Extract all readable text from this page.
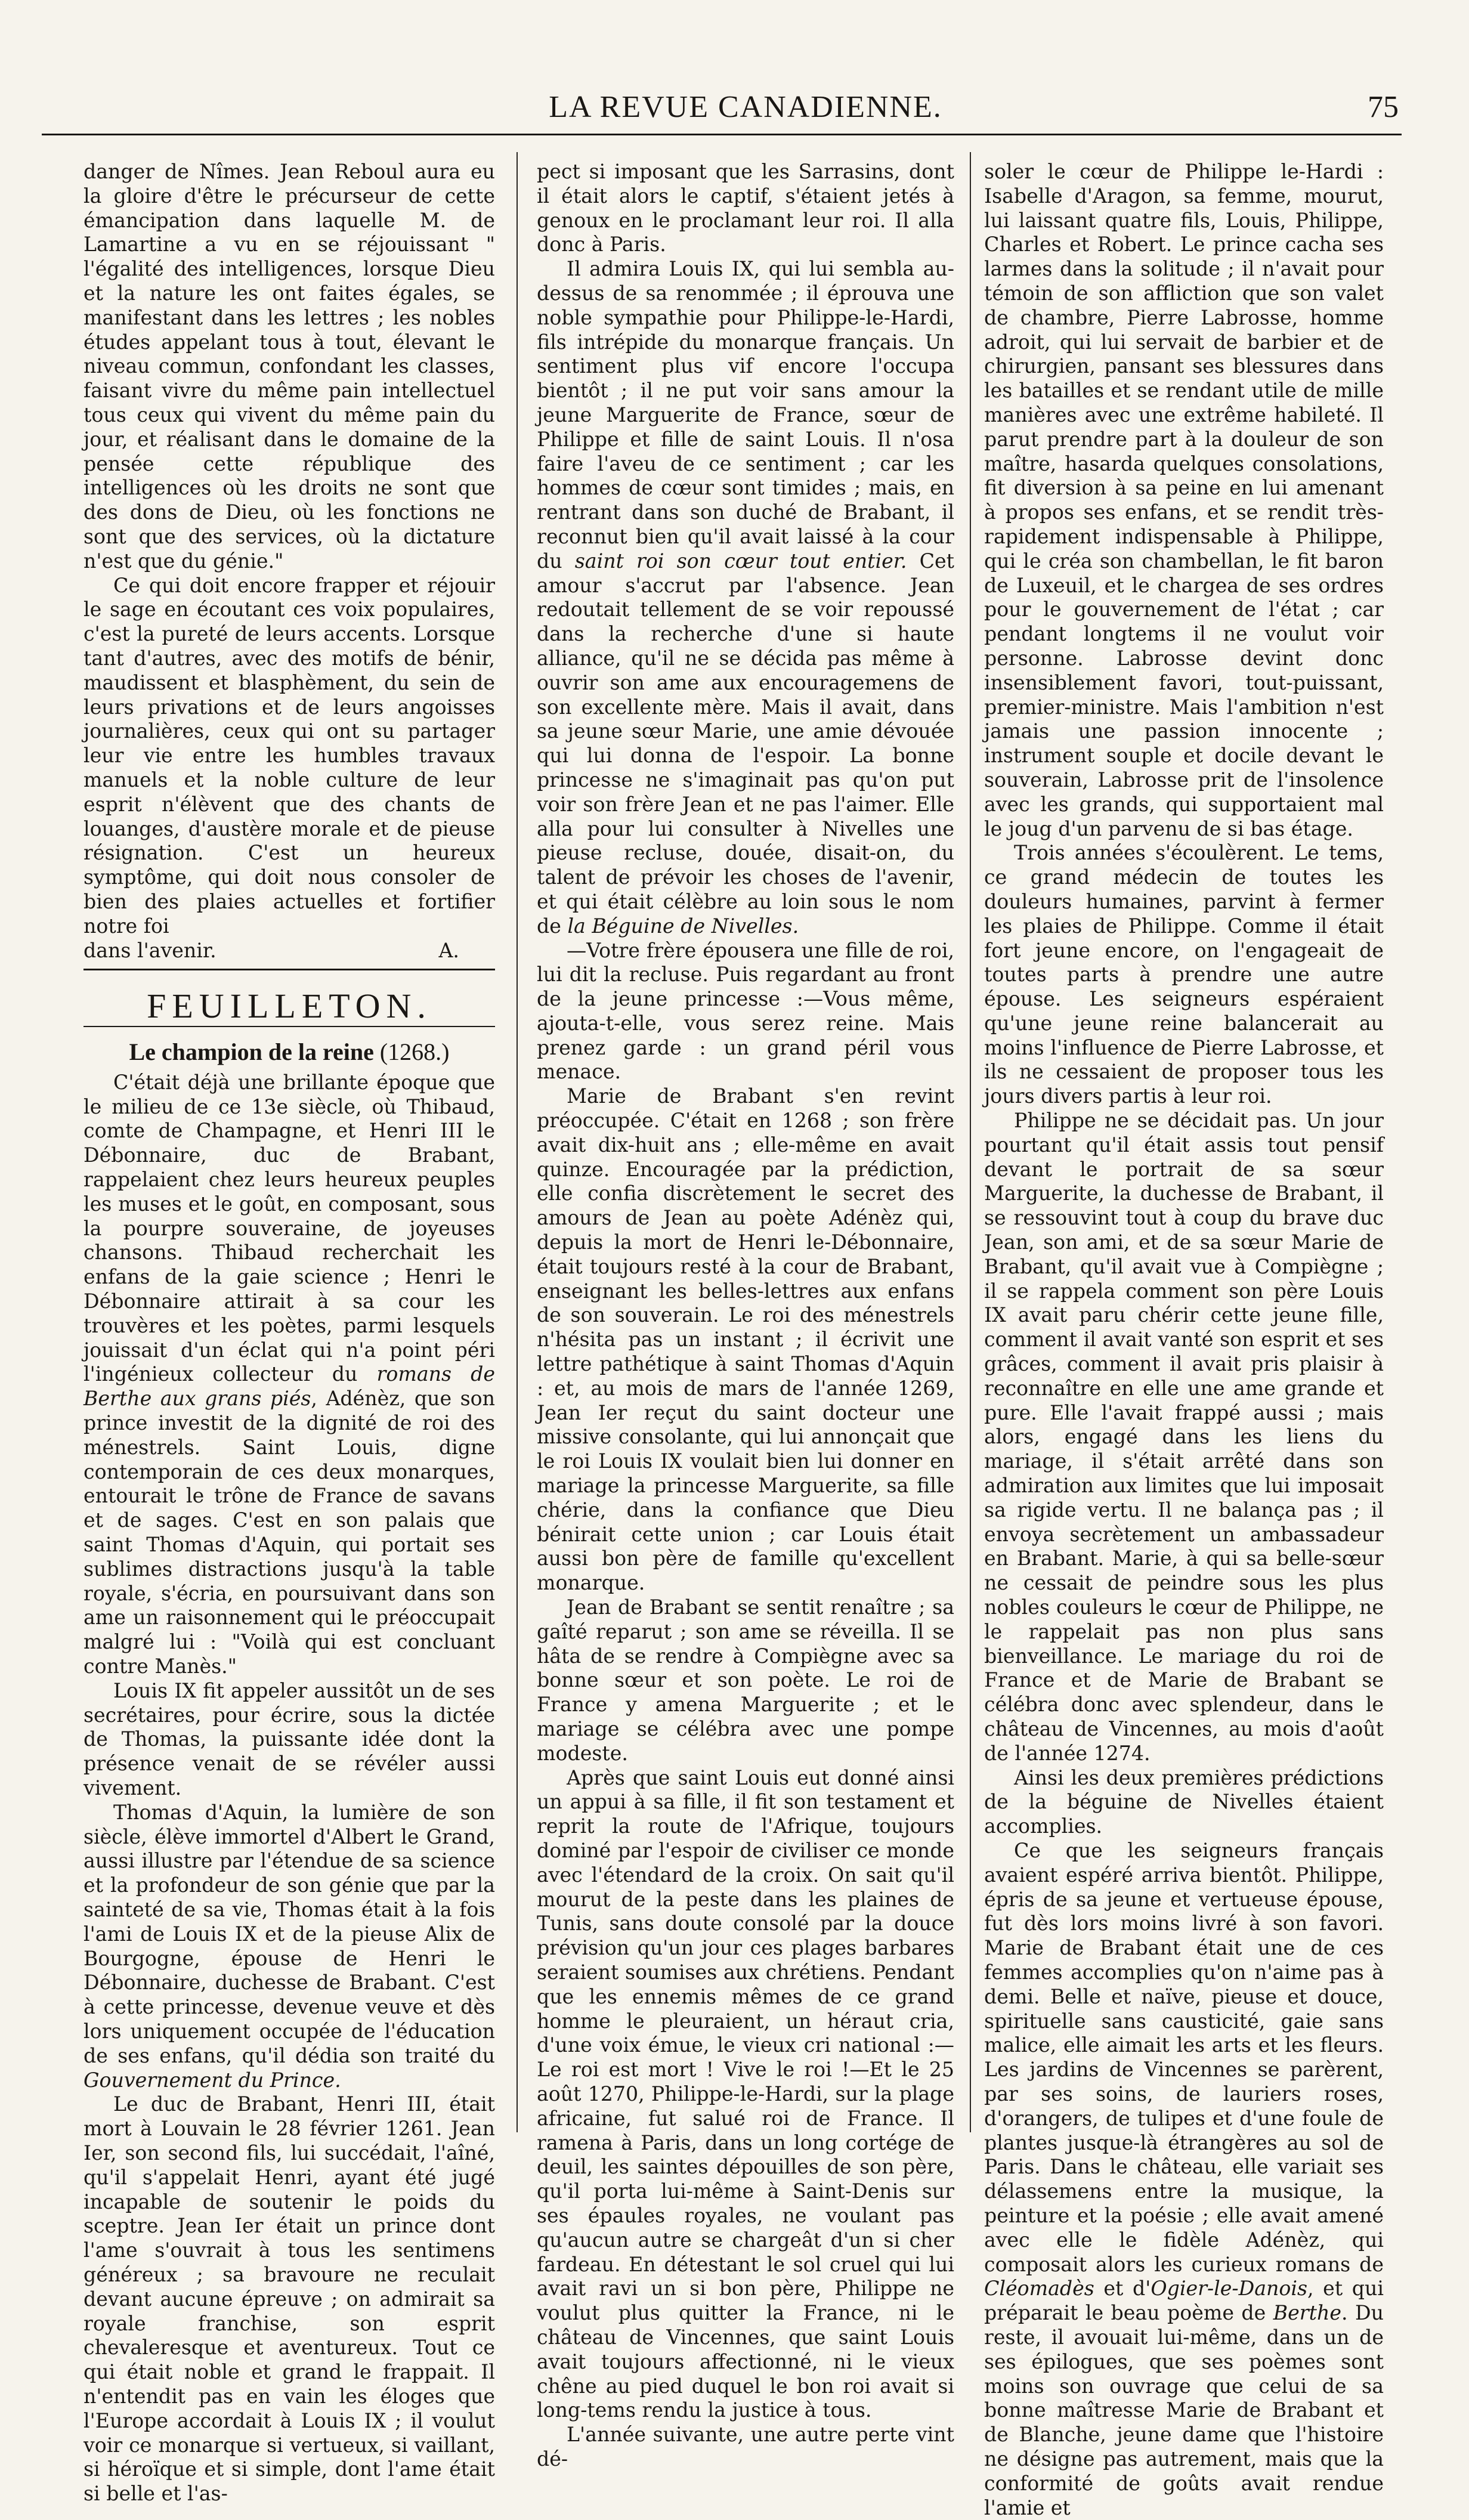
LA REVUE CANADIENNE.	75

danger de Nîmes. Jean Reboul aura eu la gloire d'être le précurseur de cette émancipation dans laquelle M. de Lamartine a vu en se réjouissant " l'égalité des intelligences, lorsque Dieu et la nature les ont faites égales, se manifestant dans les lettres ; les nobles études appelant tous à tout, élevant le niveau commun, confondant les classes, faisant vivre du même pain intellectuel tous ceux qui vivent du même pain du jour, et réalisant dans le domaine de la pensée cette république des intelligences où les droits ne sont que des dons de Dieu, où les fonctions ne sont que des services, où la dictature n'est que du génie."

Ce qui doit encore frapper et réjouir le sage en écoutant ces voix populaires, c'est la pureté de leurs accents. Lorsque tant d'autres, avec des motifs de bénir, maudissent et blasphèment, du sein de leurs privations et de leurs angoisses journalières, ceux qui ont su partager leur vie entre les humbles travaux manuels et la noble culture de leur esprit n'élèvent que des chants de louanges, d'austère morale et de pieuse résignation. C'est un heureux symptôme, qui doit nous consoler de bien des plaies actuelles et fortifier notre foi

dans l'avenir.	A.
FEUILLETON.
Le champion de la reine (1268.)

C'était déjà une brillante époque que le milieu de ce 13e siècle, où Thibaud, comte de Champagne, et Henri III le Débonnaire, duc de Brabant, rappelaient chez leurs heureux peuples les muses et le goût, en composant, sous la pourpre souveraine, de joyeuses chansons. Thibaud recherchait les enfans de la gaie science ; Henri le Débonnaire attirait à sa cour les trouvères et les poètes, parmi lesquels jouissait d'un éclat qui n'a point péri l'ingénieux collecteur du romans de Berthe aux grans piés, Adénèz, que son prince investit de la dignité de roi des ménestrels. Saint Louis, digne contemporain de ces deux monarques, entourait le trône de France de savans et de sages. C'est en son palais que saint Thomas d'Aquin, qui portait ses sublimes distractions jusqu'à la table royale, s'écria, en poursuivant dans son ame un raisonnement qui le préoccupait malgré lui : "Voilà qui est concluant contre Manès."

Louis IX fit appeler aussitôt un de ses secrétaires, pour écrire, sous la dictée de Thomas, la puissante idée dont la présence venait de se révéler aussi vivement.

Thomas d'Aquin, la lumière de son siècle, élève immortel d'Albert le Grand, aussi illustre par l'étendue de sa science et la profondeur de son génie que par la sainteté de sa vie, Thomas était à la fois l'ami de Louis IX et de la pieuse Alix de Bourgogne, épouse de Henri le Débonnaire, duchesse de Brabant. C'est à cette princesse, devenue veuve et dès lors uniquement occupée de l'éducation de ses enfans, qu'il dédia son traité du Gouvernement du Prince.

Le duc de Brabant, Henri III, était mort à Louvain le 28 février 1261. Jean Ier, son second fils, lui succédait, l'aîné, qu'il s'appelait Henri, ayant été jugé incapable de soutenir le poids du sceptre. Jean Ier était un prince dont l'ame s'ouvrait à tous les sentimens généreux ; sa bravoure ne reculait devant aucune épreuve ; on admirait sa royale franchise, son esprit chevaleresque et aventureux. Tout ce qui était noble et grand le frappait. Il n'entendit pas en vain les éloges que l'Europe accordait à Louis IX ; il voulut voir ce monarque si vertueux, si vaillant, si héroïque et si simple, dont l'ame était si belle et l'as-

pect si imposant que les Sarrasins, dont il était alors le captif, s'étaient jetés à genoux en le proclamant leur roi. Il alla donc à Paris.

Il admira Louis IX, qui lui sembla au-dessus de sa renommée ; il éprouva une noble sympathie pour Philippe-le-Hardi, fils intrépide du monarque français. Un sentiment plus vif encore l'occupa bientôt ; il ne put voir sans amour la jeune Marguerite de France, sœur de Philippe et fille de saint Louis. Il n'osa faire l'aveu de ce sentiment ; car les hommes de cœur sont timides ; mais, en rentrant dans son duché de Brabant, il reconnut bien qu'il avait laissé à la cour du saint roi son cœur tout entier. Cet amour s'accrut par l'absence. Jean redoutait tellement de se voir repoussé dans la recherche d'une si haute alliance, qu'il ne se décida pas même à ouvrir son ame aux encouragemens de son excellente mère. Mais il avait, dans sa jeune sœur Marie, une amie dévouée qui lui donna de l'espoir. La bonne princesse ne s'imaginait pas qu'on put voir son frère Jean et ne pas l'aimer. Elle alla pour lui consulter à Nivelles une pieuse recluse, douée, disait-on, du talent de prévoir les choses de l'avenir, et qui était célèbre au loin sous le nom de la Béguine de Nivelles.

—Votre frère épousera une fille de roi, lui dit la recluse. Puis regardant au front de la jeune princesse :—Vous même, ajouta-t-elle, vous serez reine. Mais prenez garde : un grand péril vous menace.

Marie de Brabant s'en revint préoccupée. C'était en 1268 ; son frère avait dix-huit ans ; elle-même en avait quinze. Encouragée par la prédiction, elle confia discrètement le secret des amours de Jean au poète Adénèz qui, depuis la mort de Henri le-Débonnaire, était toujours resté à la cour de Brabant, enseignant les belles-lettres aux enfans de son souverain. Le roi des ménestrels n'hésita pas un instant ; il écrivit une lettre pathétique à saint Thomas d'Aquin : et, au mois de mars de l'année 1269, Jean Ier reçut du saint docteur une missive consolante, qui lui annonçait que le roi Louis IX voulait bien lui donner en mariage la princesse Marguerite, sa fille chérie, dans la confiance que Dieu bénirait cette union ; car Louis était aussi bon père de famille qu'excellent monarque.

Jean de Brabant se sentit renaître ; sa gaîté reparut ; son ame se réveilla. Il se hâta de se rendre à Compiègne avec sa bonne sœur et son poète. Le roi de France y amena Marguerite ; et le mariage se célébra avec une pompe modeste.

Après que saint Louis eut donné ainsi un appui à sa fille, il fit son testament et reprit la route de l'Afrique, toujours dominé par l'espoir de civiliser ce monde avec l'étendard de la croix. On sait qu'il mourut de la peste dans les plaines de Tunis, sans doute consolé par la douce prévision qu'un jour ces plages barbares seraient soumises aux chrétiens. Pendant que les ennemis mêmes de ce grand homme le pleuraient, un héraut cria, d'une voix émue, le vieux cri national :—Le roi est mort ! Vive le roi !—Et le 25 août 1270, Philippe-le-Hardi, sur la plage africaine, fut salué roi de France. Il ramena à Paris, dans un long cortége de deuil, les saintes dépouilles de son père, qu'il porta lui-même à Saint-Denis sur ses épaules royales, ne voulant pas qu'aucun autre se chargeât d'un si cher fardeau. En détestant le sol cruel qui lui avait ravi un si bon père, Philippe ne voulut plus quitter la France, ni le château de Vincennes, que saint Louis avait toujours affectionné, ni le vieux chêne au pied duquel le bon roi avait si long-tems rendu la justice à tous.

L'année suivante, une autre perte vint dé-

soler le cœur de Philippe le-Hardi : Isabelle d'Aragon, sa femme, mourut, lui laissant quatre fils, Louis, Philippe, Charles et Robert. Le prince cacha ses larmes dans la solitude ; il n'avait pour témoin de son affliction que son valet de chambre, Pierre Labrosse, homme adroit, qui lui servait de barbier et de chirurgien, pansant ses blessures dans les batailles et se rendant utile de mille manières avec une extrême habileté. Il parut prendre part à la douleur de son maître, hasarda quelques consolations, fit diversion à sa peine en lui amenant à propos ses enfans, et se rendit très-rapidement indispensable à Philippe, qui le créa son chambellan, le fit baron de Luxeuil, et le chargea de ses ordres pour le gouvernement de l'état ; car pendant longtems il ne voulut voir personne. Labrosse devint donc insensiblement favori, tout-puissant, premier-ministre. Mais l'ambition n'est jamais une passion innocente ; instrument souple et docile devant le souverain, Labrosse prit de l'insolence avec les grands, qui supportaient mal le joug d'un parvenu de si bas étage.

Trois années s'écoulèrent. Le tems, ce grand médecin de toutes les douleurs humaines, parvint à fermer les plaies de Philippe. Comme il était fort jeune encore, on l'engageait de toutes parts à prendre une autre épouse. Les seigneurs espéraient qu'une jeune reine balancerait au moins l'influence de Pierre Labrosse, et ils ne cessaient de proposer tous les jours divers partis à leur roi.

Philippe ne se décidait pas. Un jour pourtant qu'il était assis tout pensif devant le portrait de sa sœur Marguerite, la duchesse de Brabant, il se ressouvint tout à coup du brave duc Jean, son ami, et de sa sœur Marie de Brabant, qu'il avait vue à Compiègne ; il se rappela comment son père Louis IX avait paru chérir cette jeune fille, comment il avait vanté son esprit et ses grâces, comment il avait pris plaisir à reconnaître en elle une ame grande et pure. Elle l'avait frappé aussi ; mais alors, engagé dans les liens du mariage, il s'était arrêté dans son admiration aux limites que lui imposait sa rigide vertu. Il ne balança pas ; il envoya secrètement un ambassadeur en Brabant. Marie, à qui sa belle-sœur ne cessait de peindre sous les plus nobles couleurs le cœur de Philippe, ne le rappelait pas non plus sans bienveillance. Le mariage du roi de France et de Marie de Brabant se célébra donc avec splendeur, dans le château de Vincennes, au mois d'août de l'année 1274.

Ainsi les deux premières prédictions de la béguine de Nivelles étaient accomplies.

Ce que les seigneurs français avaient espéré arriva bientôt. Philippe, épris de sa jeune et vertueuse épouse, fut dès lors moins livré à son favori. Marie de Brabant était une de ces femmes accomplies qu'on n'aime pas à demi. Belle et naïve, pieuse et douce, spirituelle sans causticité, gaie sans malice, elle aimait les arts et les fleurs. Les jardins de Vincennes se parèrent, par ses soins, de lauriers roses, d'orangers, de tulipes et d'une foule de plantes jusque-là étrangères au sol de Paris. Dans le château, elle variait ses délassemens entre la musique, la peinture et la poésie ; elle avait amené avec elle le fidèle Adénèz, qui composait alors les curieux romans de Cléomadès et d'Ogier-le-Danois, et qui préparait le beau poème de Berthe. Du reste, il avouait lui-même, dans un de ses épilogues, que ses poèmes sont moins son ouvrage que celui de sa bonne maîtresse Marie de Brabant et de Blanche, jeune dame que l'histoire ne désigne pas autrement, mais que la conformité de goûts avait rendue l'amie et
